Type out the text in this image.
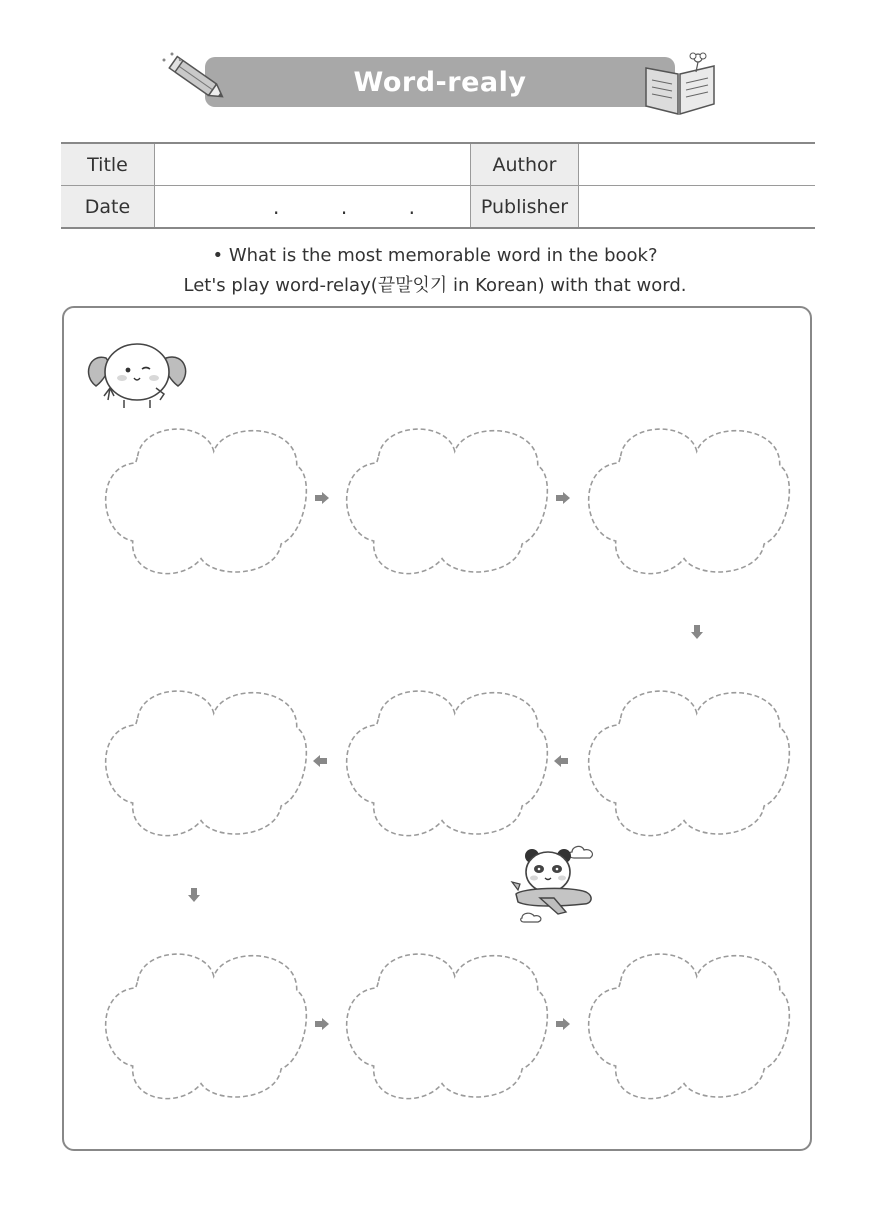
Word-realy
Title		Author	
Date	. . .	Publisher	
• What is the most memorable word in the book?
Let's play word-relay(끝말잇기 in Korean) with that word.
